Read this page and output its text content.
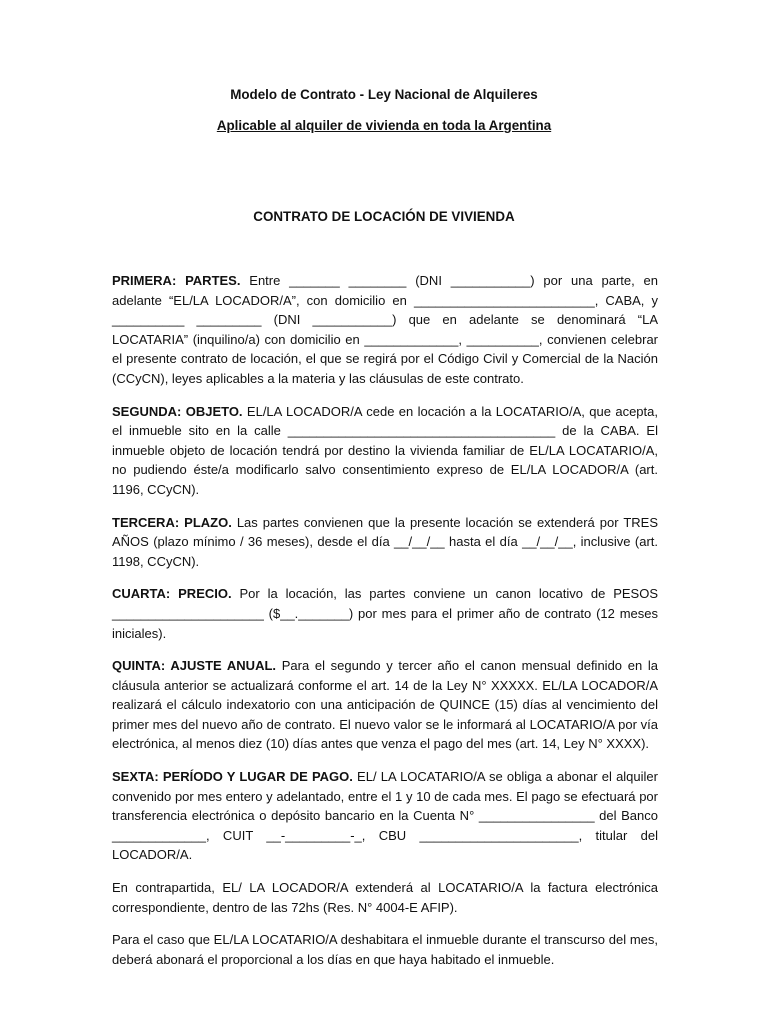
Modelo de Contrato - Ley Nacional de Alquileres
Aplicable al alquiler de vivienda en toda la Argentina
CONTRATO DE LOCACIÓN DE VIVIENDA

PRIMERA: PARTES. Entre _______ ________ (DNI ___________) por una parte, en adelante “EL/LA LOCADOR/A”, con domicilio en _________________________, CABA, y __________ _________ (DNI ___________) que en adelante se denominará “LA LOCATARIA” (inquilino/a) con domicilio en _____________, __________, convienen celebrar el presente contrato de locación, el que se regirá por el Código Civil y Comercial de la Nación (CCyCN), leyes aplicables a la materia y las cláusulas de este contrato.

SEGUNDA: OBJETO. EL/LA LOCADOR/A cede en locación a la LOCATARIO/A, que acepta, el inmueble sito en la calle _____________________________________ de la CABA. El inmueble objeto de locación tendrá por destino la vivienda familiar de EL/LA LOCATARIO/A, no pudiendo éste/a modificarlo salvo consentimiento expreso de EL/LA LOCADOR/A (art. 1196, CCyCN).

TERCERA: PLAZO. Las partes convienen que la presente locación se extenderá por TRES AÑOS (plazo mínimo / 36 meses), desde el día __/__/__ hasta el día __/__/__, inclusive (art. 1198, CCyCN).

CUARTA: PRECIO. Por la locación, las partes conviene un canon locativo de PESOS _____________________ ($__._______) por mes para el primer año de contrato (12 meses iniciales).

QUINTA: AJUSTE ANUAL. Para el segundo y tercer año el canon mensual definido en la cláusula anterior se actualizará conforme el art. 14 de la Ley N° XXXXX. EL/LA LOCADOR/A realizará el cálculo indexatorio con una anticipación de QUINCE (15) días al vencimiento del primer mes del nuevo año de contrato. El nuevo valor se le informará al LOCATARIO/A por vía electrónica, al menos diez (10) días antes que venza el pago del mes (art. 14, Ley N° XXXX).

SEXTA: PERÍODO Y LUGAR DE PAGO. EL/ LA LOCATARIO/A se obliga a abonar el alquiler convenido por mes entero y adelantado, entre el 1 y 10 de cada mes. El pago se efectuará por transferencia electrónica o depósito bancario en la Cuenta N° ________________ del Banco _____________, CUIT __-_________-_, CBU ______________________, titular del LOCADOR/A.

En contrapartida, EL/ LA LOCADOR/A extenderá al LOCATARIO/A la factura electrónica correspondiente, dentro de las 72hs (Res. N° 4004-E AFIP).

Para el caso que EL/LA LOCATARIO/A deshabitara el inmueble durante el transcurso del mes, deberá abonará el proporcional a los días en que haya habitado el inmueble.
